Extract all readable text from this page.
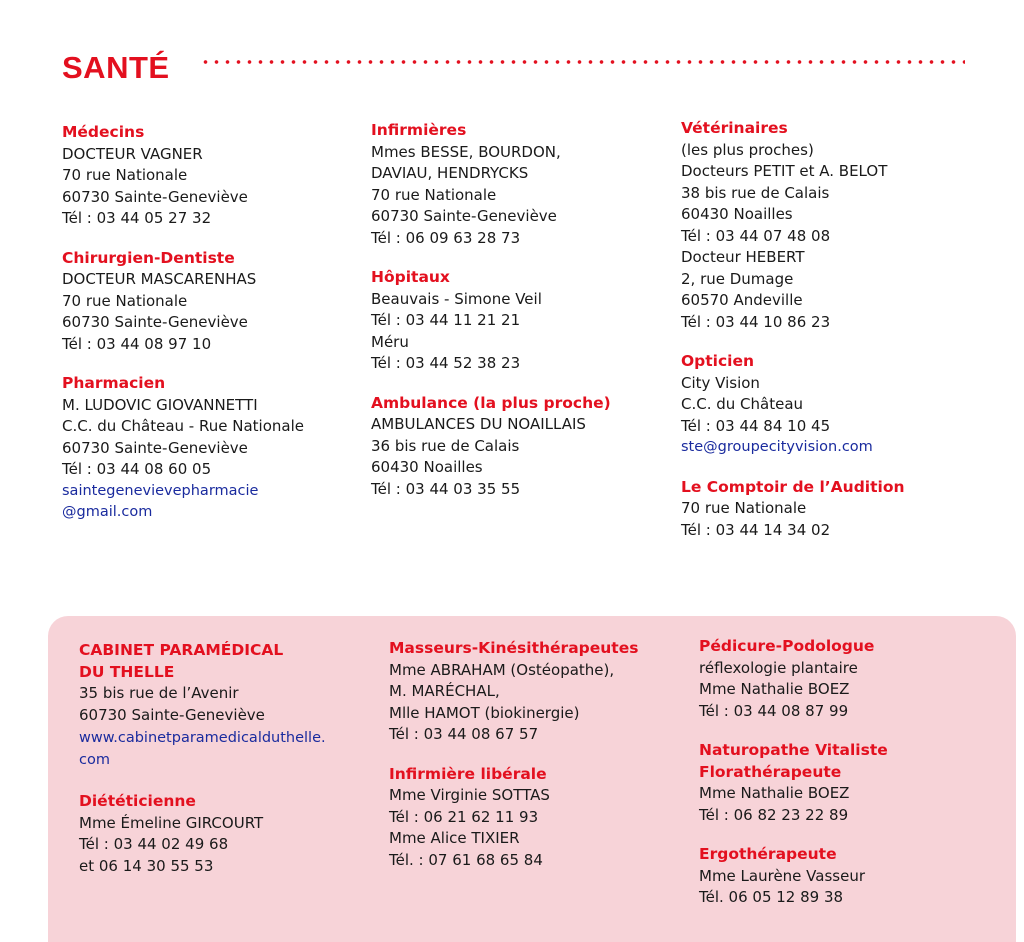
SANTÉ
Médecins
DOCTEUR VAGNER
70 rue Nationale
60730 Sainte-Geneviève
Tél : 03 44 05 27 32
Chirurgien-Dentiste
DOCTEUR MASCARENHAS
70 rue Nationale
60730 Sainte-Geneviève
Tél : 03 44 08 97 10
Pharmacien
M. LUDOVIC GIOVANNETTI
C.C. du Château - Rue Nationale
60730 Sainte-Geneviève
Tél : 03 44 08 60 05
saintegenevievepharmacie
@gmail.com
Infirmières
Mmes BESSE, BOURDON,
DAVIAU, HENDRYCKS
70 rue Nationale
60730 Sainte-Geneviève
Tél : 06 09 63 28 73
Hôpitaux
Beauvais - Simone Veil
Tél : 03 44 11 21 21
Méru
Tél : 03 44 52 38 23
Ambulance (la plus proche)
AMBULANCES DU NOAILLAIS
36 bis rue de Calais
60430 Noailles
Tél : 03 44 03 35 55
Vétérinaires
(les plus proches)
Docteurs PETIT et A. BELOT
38 bis rue de Calais
60430 Noailles
Tél : 03 44 07 48 08
Docteur HEBERT
2, rue Dumage
60570 Andeville
Tél : 03 44 10 86 23
Opticien
City Vision
C.C. du Château
Tél : 03 44 84 10 45
ste@groupecityvision.com
Le Comptoir de l’Audition
70 rue Nationale
Tél : 03 44 14 34 02
CABINET PARAMÉDICAL
DU THELLE
35 bis rue de l’Avenir
60730 Sainte-Geneviève
www.cabinetparamedicalduthelle.
com
Diététicienne
Mme Émeline GIRCOURT
Tél : 03 44 02 49 68
et 06 14 30 55 53
Masseurs-Kinésithérapeutes
Mme ABRAHAM (Ostéopathe),
M. MARÉCHAL,
Mlle HAMOT (biokinergie)
Tél : 03 44 08 67 57
Infirmière libérale
Mme Virginie SOTTAS
Tél : 06 21 62 11 93
Mme Alice TIXIER
Tél. : 07 61 68 65 84
Pédicure-Podologue
réflexologie plantaire
Mme Nathalie BOEZ
Tél : 03 44 08 87 99
Naturopathe Vitaliste
Florathérapeute
Mme Nathalie BOEZ
Tél : 06 82 23 22 89
Ergothérapeute
Mme Laurène Vasseur
Tél. 06 05 12 89 38
